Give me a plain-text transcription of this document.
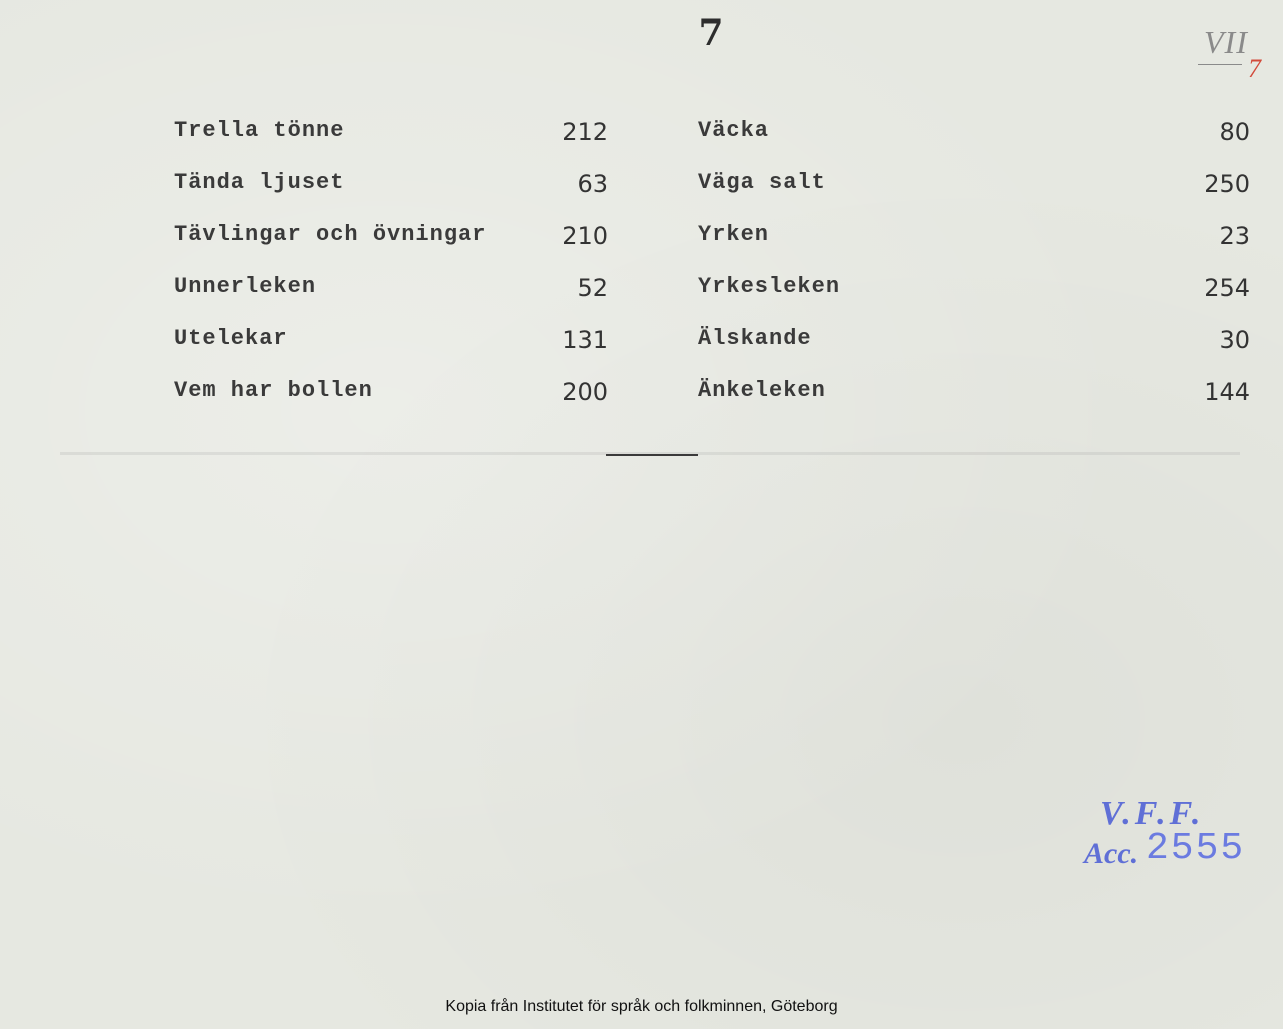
7	VII
7
Trella tönne	212
Tända ljuset	63
Tävlingar och övningar	210
Unnerleken	52
Utelekar	131
Vem har bollen	200
Väcka	80
Väga salt	250
Yrken	23
Yrkesleken	254
Älskande	30
Änkeleken	144
V.F.F.
Acc. 2555
Kopia från Institutet för språk och folkminnen, Göteborg
